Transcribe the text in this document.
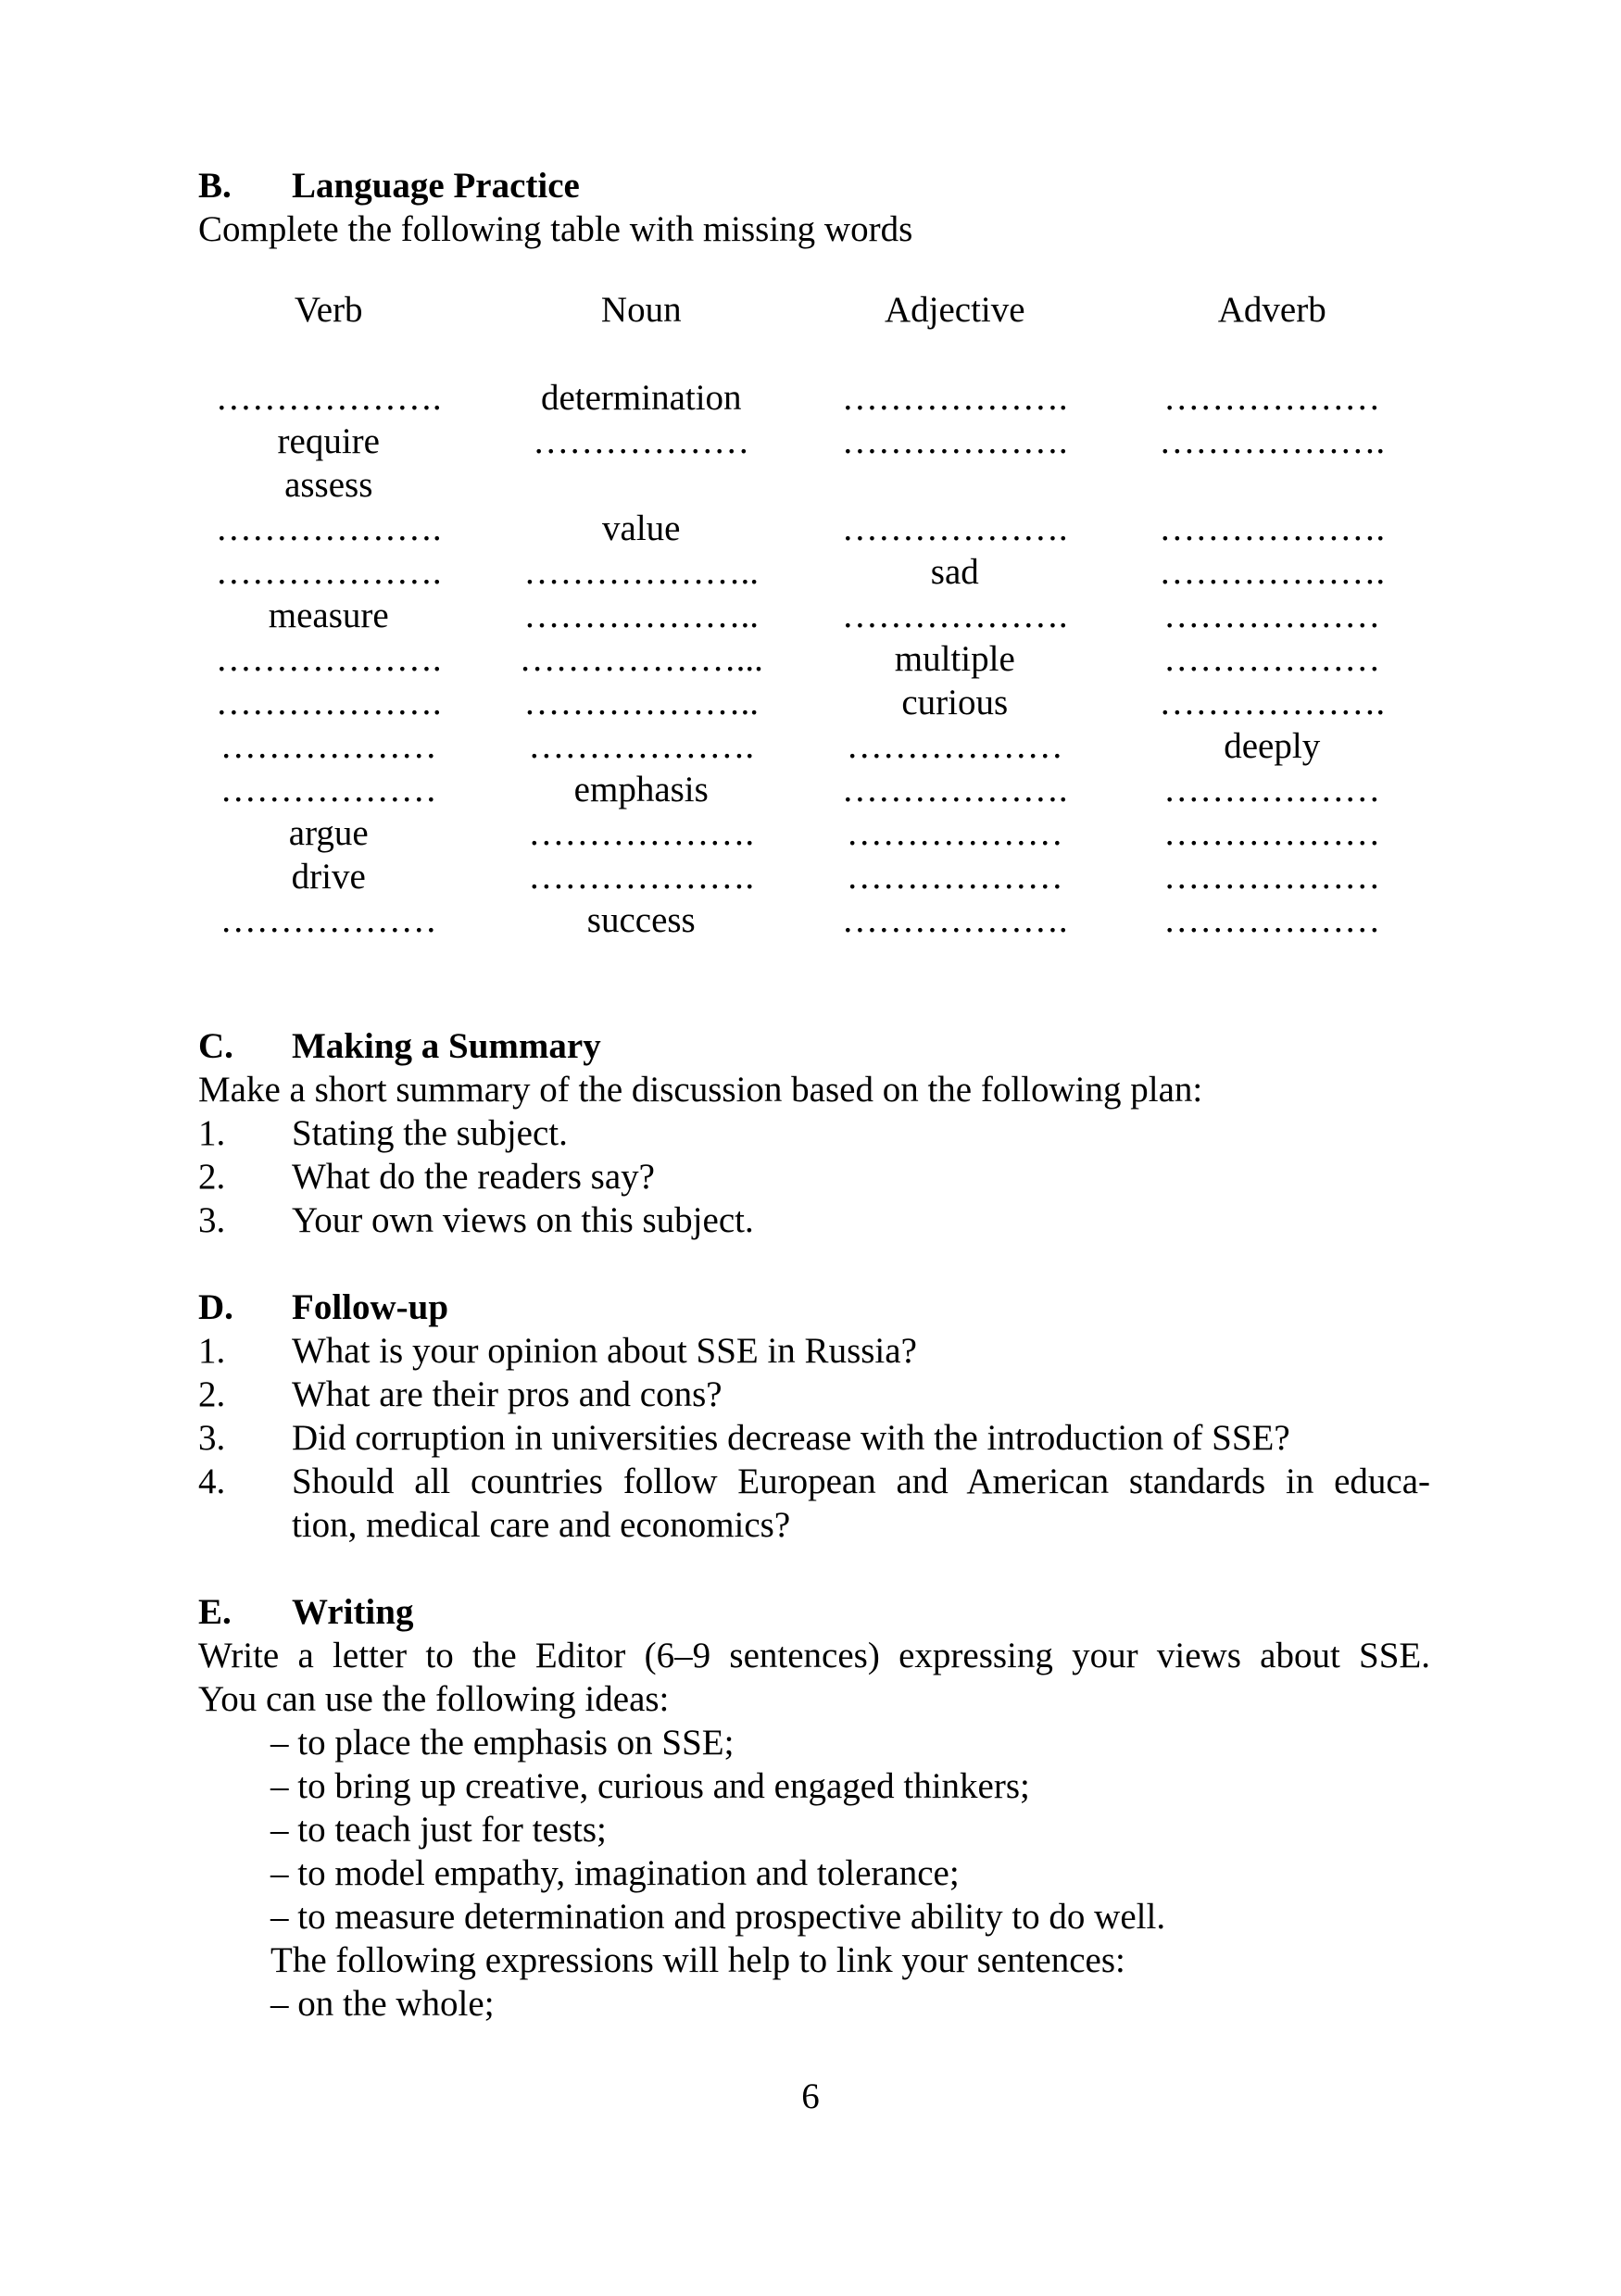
B.	Language Practice

Complete the following table with missing words

Verb	Noun	Adjective	Adverb
……………….	determination	……………….	………………
require	………………	……………….	……………….
assess
……………….	value	……………….	……………….
……………….	………………..	sad	……………….
measure	………………..	……………….	………………
……………….	………………...	multiple	………………
……………….	………………..	curious	……………….
………………	……………….	………………	deeply
………………	emphasis	……………….	………………
argue	……………….	………………	………………
drive	……………….	………………	………………
………………	success	……………….	………………
C.	Making a Summary

Make a short summary of the discussion based on the following plan:

1.	Stating the subject.
2.	What do the readers say?
3.	Your own views on this subject.
D.	Follow-up
1.	What is your opinion about SSE in Russia?
2.	What are their pros and cons?
3.	Did corruption in universities decrease with the introduction of SSE?
4.	Should all countries follow European and American standards in educa-
tion, medical care and economics?
E.	Writing

Write a letter to the Editor (6–9 sentences) expressing your views about SSE.

You can use the following ideas:

– to place the emphasis on SSE;

– to bring up creative, curious and engaged thinkers;

– to teach just for tests;

– to model empathy, imagination and tolerance;

– to measure determination and prospective ability to do well.

The following expressions will help to link your sentences:

– on the whole;

6
